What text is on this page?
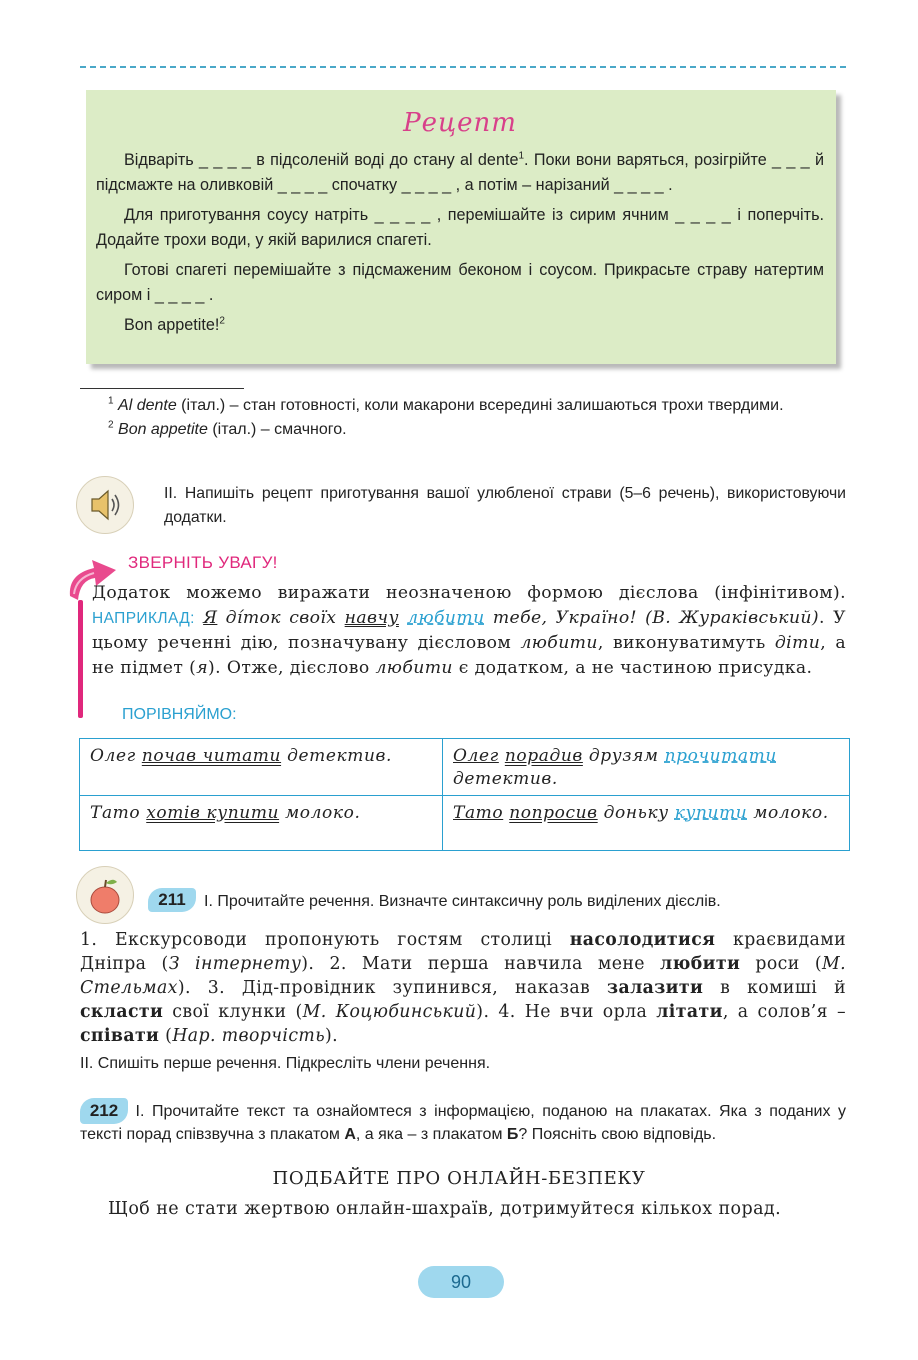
Рецепт

Відваріть _ _ _ _ в підсоленій воді до стану al dente$^1$. Поки вони варяться, розігрійте _ _ _ й підсмажте на оливковій _ _ _ _ спочатку _ _ _ _ , а потім – нарізаний _ _ _ _ .

Для приготування соусу натріть _ _ _ _ , перемішайте із сирим ячним _ _ _ _ і поперчіть. Додайте трохи води, у якій варилися спагеті.

Готові спагеті перемішайте з підсмаженим беконом і соусом. Прикрасьте страву натертим сиром і _ _ _ _ .

Bon appetite!$^2$

$^1$ Al dente (італ.) – стан готовності, коли макарони всередині залишаються трохи твердими.

$^2$ Bon appetite (італ.) – смачного.

II. Напишіть рецепт приготування вашої улюбленої страви (5–6 речень), використовуючи додатки.
ЗВЕРНІТЬ УВАГУ!
Додаток можемо виражати неозначеною формою дієслова (інфінітивом). НАПРИКЛАД: Я ді́ток своїх навчу любити тебе, Україно! (В. Жураківський). У цьому реченні дію, позначувану дієсловом любити, виконуватимуть діти, а не підмет (я). Отже, дієслово любити є додатком, а не частиною присудка.
ПОРІВНЯЙМО:
Олег почав читати детектив.	Олег порадив друзям прочитати детектив.
Тато хотів купити молоко.	Тато попросив доньку купити молоко.
211	I. Прочитайте речення. Визначте синтаксичну роль виділених дієслів.
1. Екскурсоводи пропонують гостям столиці насолодитися краєвидами Дніпра (З інтернету). 2. Мати перша навчила мене любити роси (М. Стельмах). 3. Дід-провідник зупинився, наказав залазити в комиші й скласти свої клунки (М. Коцюбинський). 4. Не вчи орла літати, а солов’я – співати (Нар. творчість).
II. Спишіть перше речення. Підкресліть члени речення.
212 I. Прочитайте текст та ознайомтеся з інформацією, поданою на плакатах. Яка з поданих у тексті порад співзвучна з плакатом А, а яка – з плакатом Б? Поясніть свою відповідь.
ПОДБАЙТЕ ПРО ОНЛАЙН-БЕЗПЕКУ
Щоб не стати жертвою онлайн-шахраїв, дотримуйтеся кількох порад.
90
